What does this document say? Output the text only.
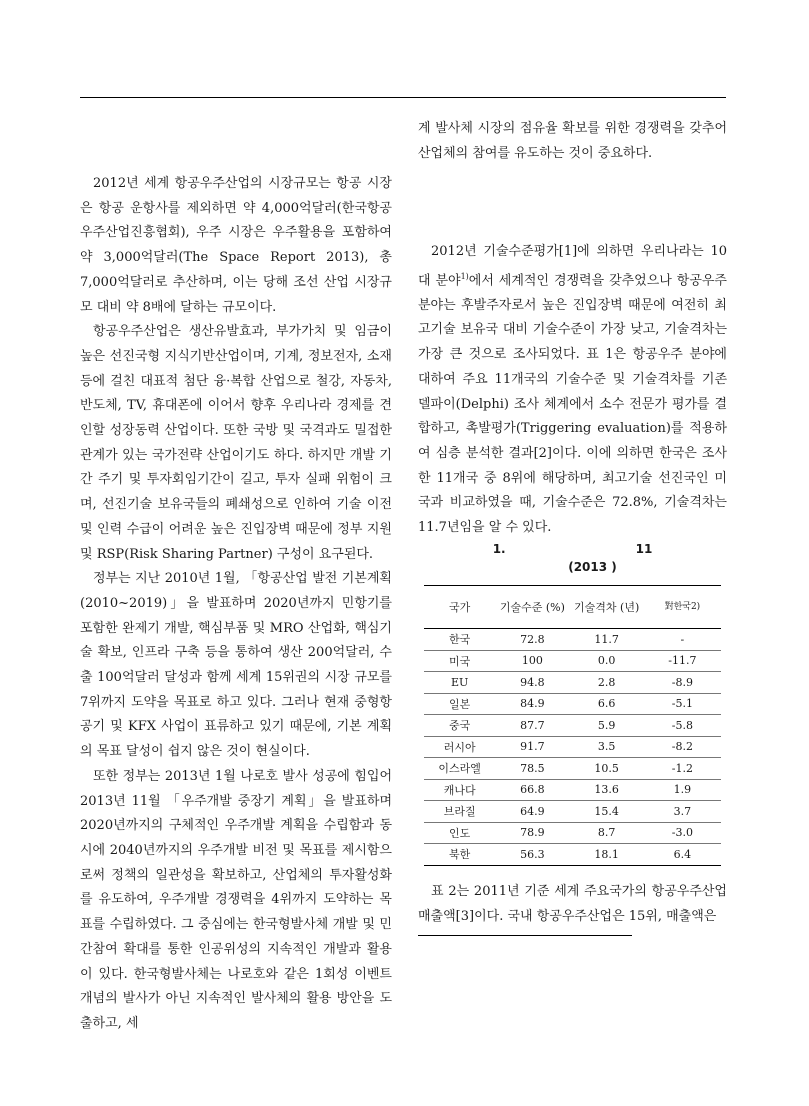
2012년 세계 항공우주산업의 시장규모는 항공 시장은 항공 운항사를 제외하면 약 4,000억달러(한국항공우주산업진흥협회), 우주 시장은 우주활용을 포함하여 약 3,000억달러(The Space Report 2013), 총 7,000억달러로 추산하며, 이는 당해 조선 산업 시장규모 대비 약 8배에 달하는 규모이다.

항공우주산업은 생산유발효과, 부가가치 및 임금이 높은 선진국형 지식기반산업이며, 기계, 정보전자, 소재 등에 걸친 대표적 첨단 융·복합 산업으로 철강, 자동차, 반도체, TV, 휴대폰에 이어서 향후 우리나라 경제를 견인할 성장동력 산업이다. 또한 국방 및 국격과도 밀접한 관계가 있는 국가전략 산업이기도 하다. 하지만 개발 기간 주기 및 투자회임기간이 길고, 투자 실패 위험이 크며, 선진기술 보유국들의 폐쇄성으로 인하여 기술 이전 및 인력 수급이 어려운 높은 진입장벽 때문에 정부 지원 및 RSP(Risk Sharing Partner) 구성이 요구된다.

정부는 지난 2010년 1월, 「항공산업 발전 기본계획(2010~2019)」을 발표하며 2020년까지 민항기를 포함한 완제기 개발, 핵심부품 및 MRO 산업화, 핵심기술 확보, 인프라 구축 등을 통하여 생산 200억달러, 수출 100억달러 달성과 함께 세계 15위권의 시장 규모를 7위까지 도약을 목표로 하고 있다. 그러나 현재 중형항공기 및 KFX 사업이 표류하고 있기 때문에, 기본 계획의 목표 달성이 쉽지 않은 것이 현실이다.

또한 정부는 2013년 1월 나로호 발사 성공에 힘입어 2013년 11월 「우주개발 중장기 계획」을 발표하며 2020년까지의 구체적인 우주개발 계획을 수립함과 동시에 2040년까지의 우주개발 비전 및 목표를 제시함으로써 정책의 일관성을 확보하고, 산업체의 투자활성화를 유도하여, 우주개발 경쟁력을 4위까지 도약하는 목표를 수립하였다. 그 중심에는 한국형발사체 개발 및 민간참여 확대를 통한 인공위성의 지속적인 개발과 활용이 있다. 한국형발사체는 나로호와 같은 1회성 이벤트 개념의 발사가 아닌 지속적인 발사체의 활용 방안을 도출하고, 세

계 발사체 시장의 점유율 확보를 위한 경쟁력을 갖추어 산업체의 참여를 유도하는 것이 중요하다.

2012년 기술수준평가[1]에 의하면 우리나라는 10대 분야$^{1)}$에서 세계적인 경쟁력을 갖추었으나 항공우주 분야는 후발주자로서 높은 진입장벽 때문에 여전히 최고기술 보유국 대비 기술수준이 가장 낮고, 기술격차는 가장 큰 것으로 조사되었다. 표 1은 항공우주 분야에 대하여 주요 11개국의 기술수준 및 기술격차를 기존 델파이(Delphi) 조사 체계에서 소수 전문가 평가를 결합하고, 촉발평가(Triggering evaluation)를 적용하여 심층 분석한 결과[2]이다. 이에 의하면 한국은 조사한 11개국 중 8위에 해당하며, 최고기술 선진국인 미국과 비교하였을 때, 기술수준은 72.8%, 기술격차는 11.7년임을 알 수 있다.

1.	11
(2013 )
국가	기술수준 (%)	기술격차 (년)	對한국2)
한국	72.8	11.7	-
미국	100	0.0	-11.7
EU	94.8	2.8	-8.9
일본	84.9	6.6	-5.1
중국	87.7	5.9	-5.8
러시아	91.7	3.5	-8.2
이스라엘	78.5	10.5	-1.2
캐나다	66.8	13.6	1.9
브라질	64.9	15.4	3.7
인도	78.9	8.7	-3.0
북한	56.3	18.1	6.4

표 2는 2011년 기준 세계 주요국가의 항공우주산업 매출액[3]이다. 국내 항공우주산업은 15위, 매출액은
